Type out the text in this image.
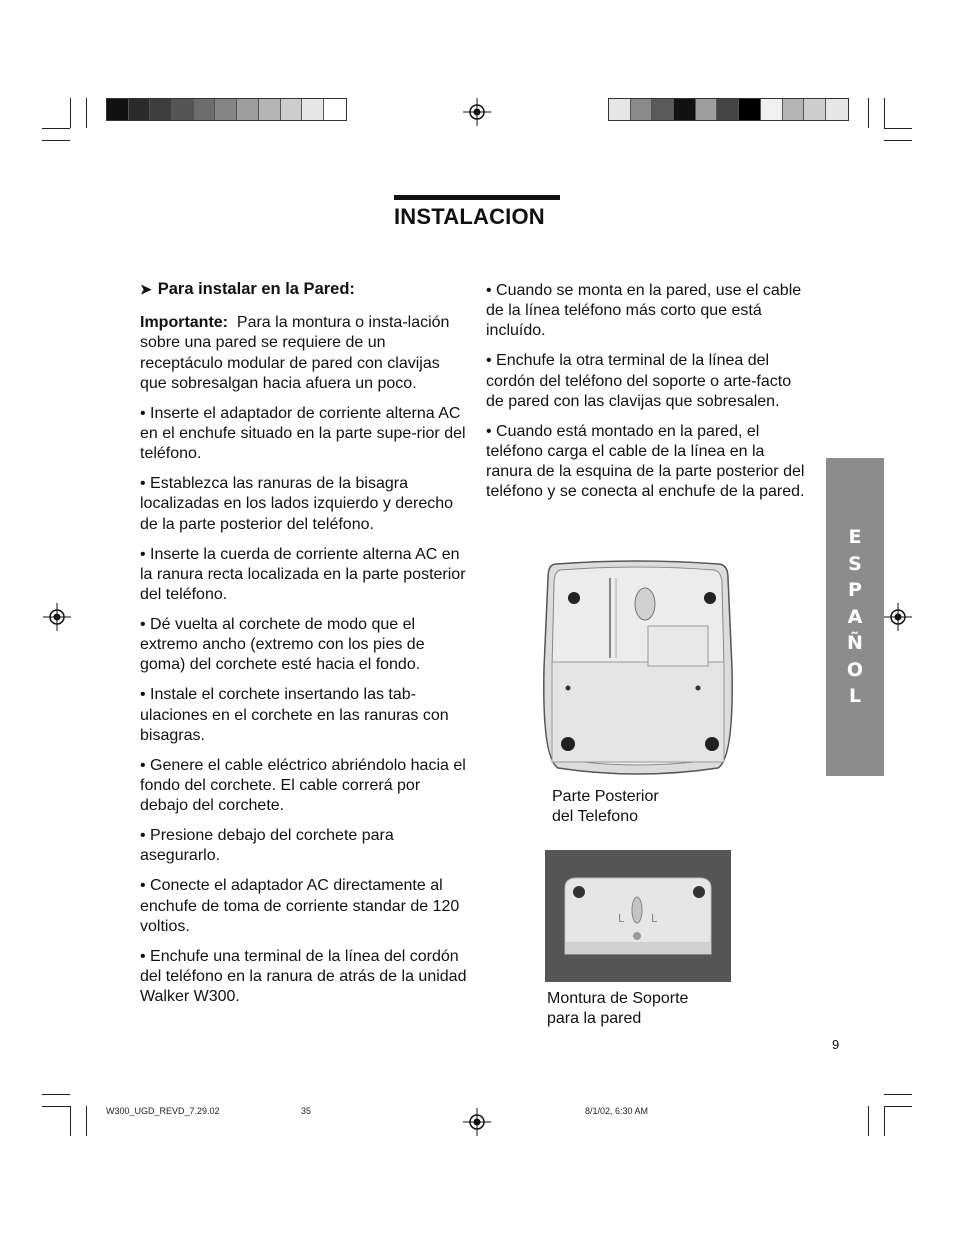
INSTALACION

➤ Para instalar en la Pared:

Importante: Para la montura o insta-lación sobre una pared se requiere de un receptáculo modular de pared con clavijas que sobresalgan hacia afuera un poco.

• Inserte el adaptador de corriente alterna AC en el enchufe situado en la parte supe-rior del teléfono.

• Establezca las ranuras de la bisagra localizadas en los lados izquierdo y derecho de la parte posterior del teléfono.

• Inserte la cuerda de corriente alterna AC en la ranura recta localizada en la parte posterior del teléfono.

• Dé vuelta al corchete de modo que el extremo ancho (extremo con los pies de goma) del corchete esté hacia el fondo.

• Instale el corchete insertando las tab-ulaciones en el corchete en las ranuras con bisagras.

• Genere el cable eléctrico abriéndolo hacia el fondo del corchete. El cable correrá por debajo del corchete.

• Presione debajo del corchete para asegurarlo.

• Conecte el adaptador AC directamente al enchufe de toma de corriente standar de 120 voltios.

• Enchufe una terminal de la línea del cordón del teléfono en la ranura de atrás de la unidad Walker W300.

• Cuando se monta en la pared, use el cable de la línea teléfono más corto que está incluído.

• Enchufe la otra terminal de la línea del cordón del teléfono del soporte o arte-facto de pared con las clavijas que sobresalen.

• Cuando está montado en la pared, el teléfono carga el cable de la línea en la ranura de la esquina de la parte posterior del teléfono y se conecta al enchufe de la pared.

Parte Posterior
del Telefono
L L
Montura de Soporte
para la pared
E
S
P
A
Ñ
O
L
9
W300_UGD_REVD_7.29.02	35	8/1/02, 6:30 AM
